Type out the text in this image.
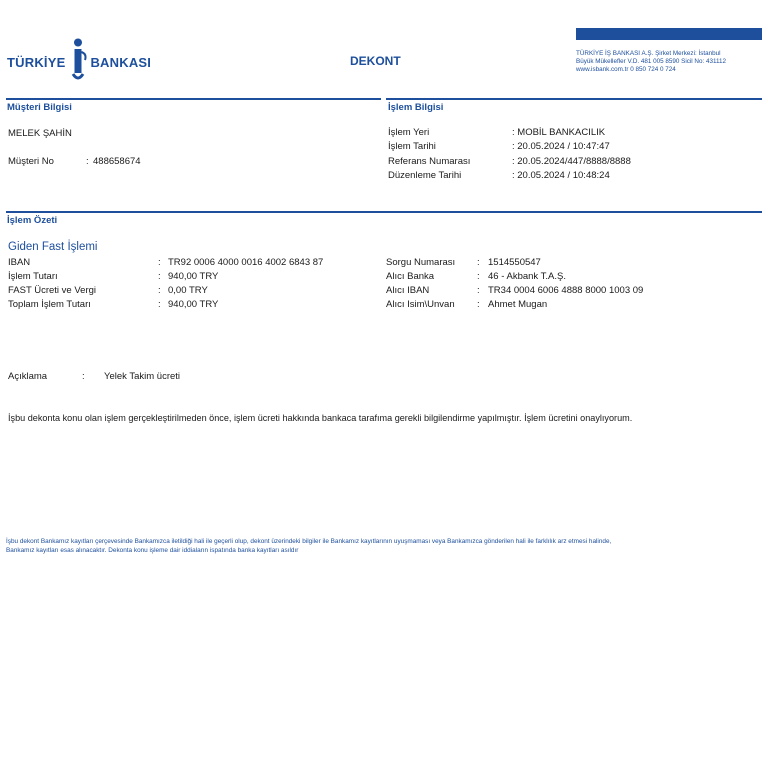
TÜRKİYE BANKASI	DEKONT
TÜRKİYE İŞ BANKASI A.Ş. Şirket Merkezi: İstanbul
Büyük Mükellefler V.D. 481 005 8590 Sicil No: 431112
www.isbank.com.tr 0 850 724 0 724
Müşteri Bilgisi
MELEK ŞAHİN
Müşteri No	: 488658674
İşlem Bilgisi
İşlem Yeri	: MOBİL BANKACILIK
İşlem Tarihi	: 20.05.2024 / 10:47:47
Referans Numarası	: 20.05.2024/447/8888/8888
Düzenleme Tarihi	: 20.05.2024 / 10:48:24
İşlem Özeti
Giden Fast İşlemi
IBAN	: TR92 0006 4000 0016 4002 6843 87
İşlem Tutarı	: 940,00 TRY
FAST Ücreti ve Vergi	: 0,00 TRY
Toplam İşlem Tutarı	: 940,00 TRY
Sorgu Numarası : 1514550547
Alıcı Banka	: 46 - Akbank T.A.Ş.
Alıcı IBAN	: TR34 0004 6006 4888 8000 1003 09
Alıcı Isim\Unvan : Ahmet Mugan
Açıklama	: Yelek Takim ücreti
İşbu dekonta konu olan işlem gerçekleştirilmeden önce, işlem ücreti hakkında bankaca tarafıma gerekli bilgilendirme yapılmıştır. İşlem ücretini onaylıyorum.
İşbu dekont Bankamız kayıtları çerçevesinde Bankamızca iletildiği hali ile geçerli olup, dekont üzerindeki bilgiler ile Bankamız kayıtlarının uyuşmaması veya Bankamızca gönderilen hali ile farklılık arz etmesi halinde,
Bankamız kayıtları esas alınacaktır. Dekonta konu işleme dair iddiaların ispatında banka kayıtları asıldır
